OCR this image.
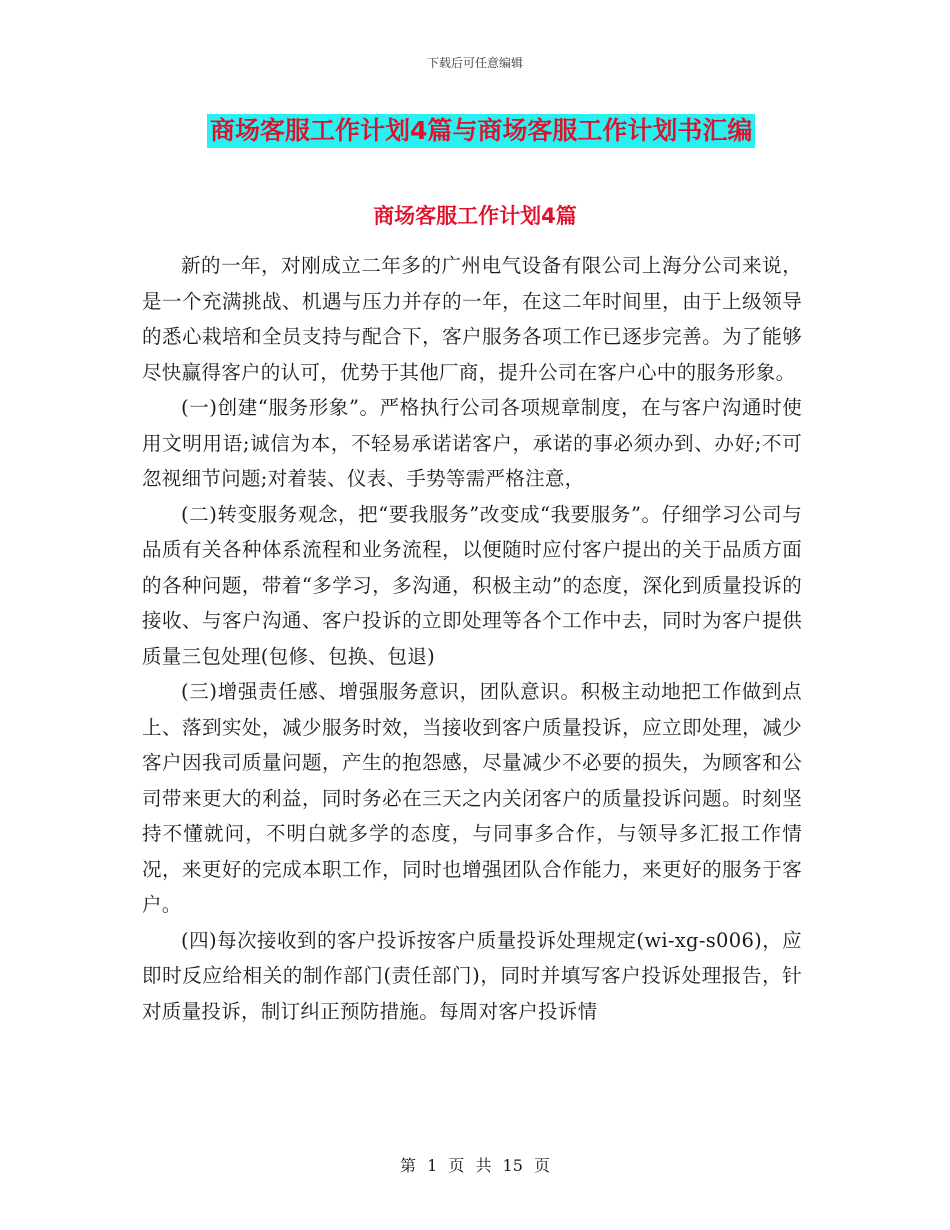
下载后可任意编辑
商场客服工作计划4篇与商场客服工作计划书汇编
商场客服工作计划4篇

新的一年，对刚成立二年多的广州电气设备有限公司上海分公司来说，是一个充满挑战、机遇与压力并存的一年，在这二年时间里，由于上级领导的悉心栽培和全员支持与配合下，客户服务各项工作已逐步完善。为了能够尽快赢得客户的认可，优势于其他厂商，提升公司在客户心中的服务形象。

(一)创建“服务形象”。严格执行公司各项规章制度，在与客户沟通时使用文明用语;诚信为本，不轻易承诺诺客户，承诺的事必须办到、办好;不可忽视细节问题;对着装、仪表、手势等需严格注意，

(二)转变服务观念，把“要我服务”改变成“我要服务”。仔细学习公司与品质有关各种体系流程和业务流程，以便随时应付客户提出的关于品质方面的各种问题，带着“多学习，多沟通，积极主动”的态度，深化到质量投诉的接收、与客户沟通、客户投诉的立即处理等各个工作中去，同时为客户提供质量三包处理(包修、包换、包退)

(三)增强责任感、增强服务意识，团队意识。积极主动地把工作做到点上、落到实处，减少服务时效，当接收到客户质量投诉，应立即处理，减少客户因我司质量问题，产生的抱怨感，尽量减少不必要的损失，为顾客和公司带来更大的利益，同时务必在三天之内关闭客户的质量投诉问题。时刻坚持不懂就问，不明白就多学的态度，与同事多合作，与领导多汇报工作情况，来更好的完成本职工作，同时也增强团队合作能力，来更好的服务于客户。

(四)每次接收到的客户投诉按客户质量投诉处理规定(wi-xg-s006)，应即时反应给相关的制作部门(责任部门)，同时并填写客户投诉处理报告，针对质量投诉，制订纠正预防措施。每周对客户投诉情

第 1 页 共 15 页
